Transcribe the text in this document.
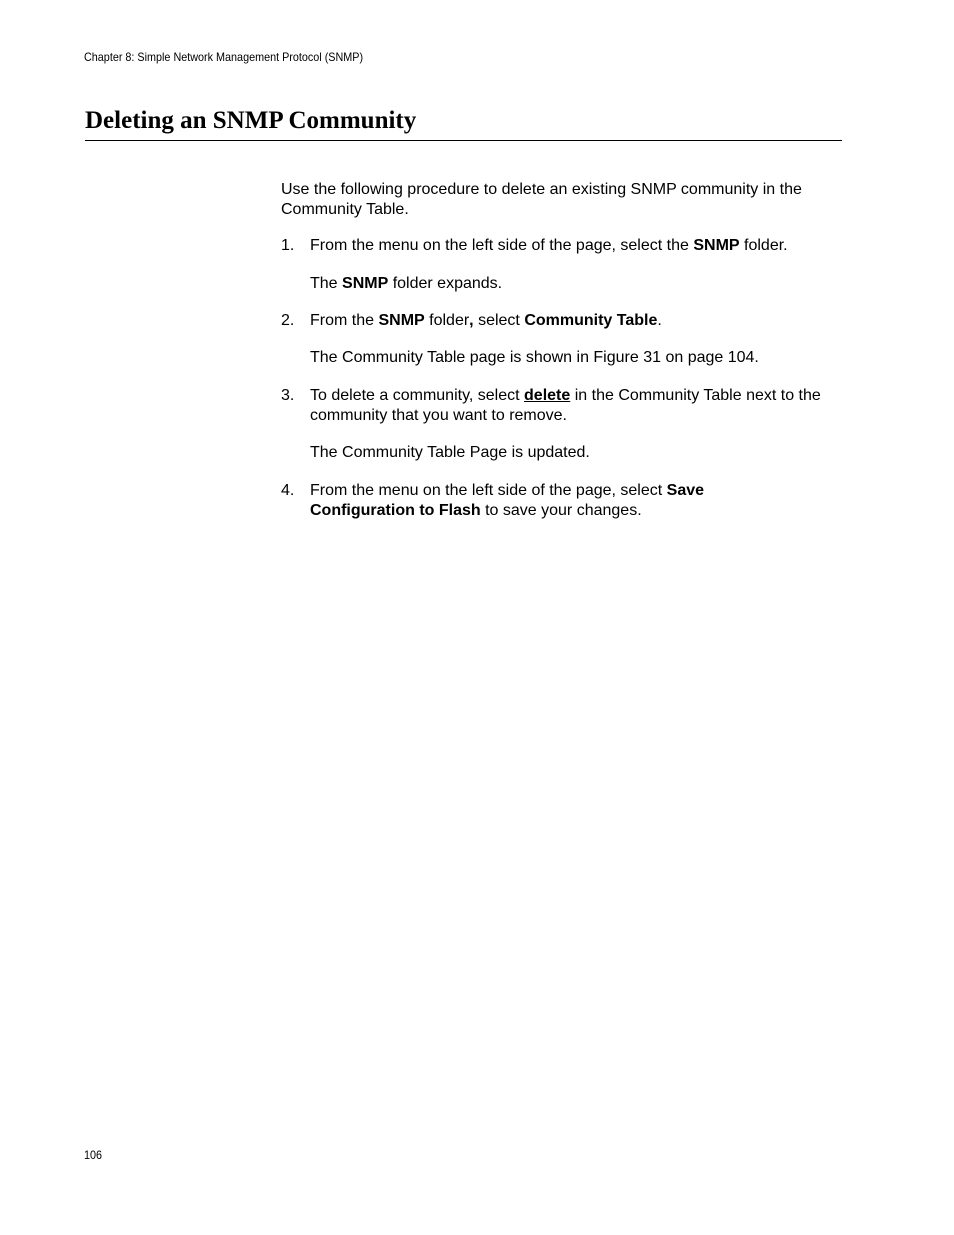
Chapter 8: Simple Network Management Protocol (SNMP)
Deleting an SNMP Community

Use the following procedure to delete an existing SNMP community in the Community Table.

1. From the menu on the left side of the page, select the SNMP folder.
The SNMP folder expands.
2. From the SNMP folder, select Community Table.
The Community Table page is shown in Figure 31 on page 104.
3. To delete a community, select delete in the Community Table next to the community that you want to remove.
The Community Table Page is updated.
4. From the menu on the left side of the page, select Save Configuration to Flash to save your changes.
106
